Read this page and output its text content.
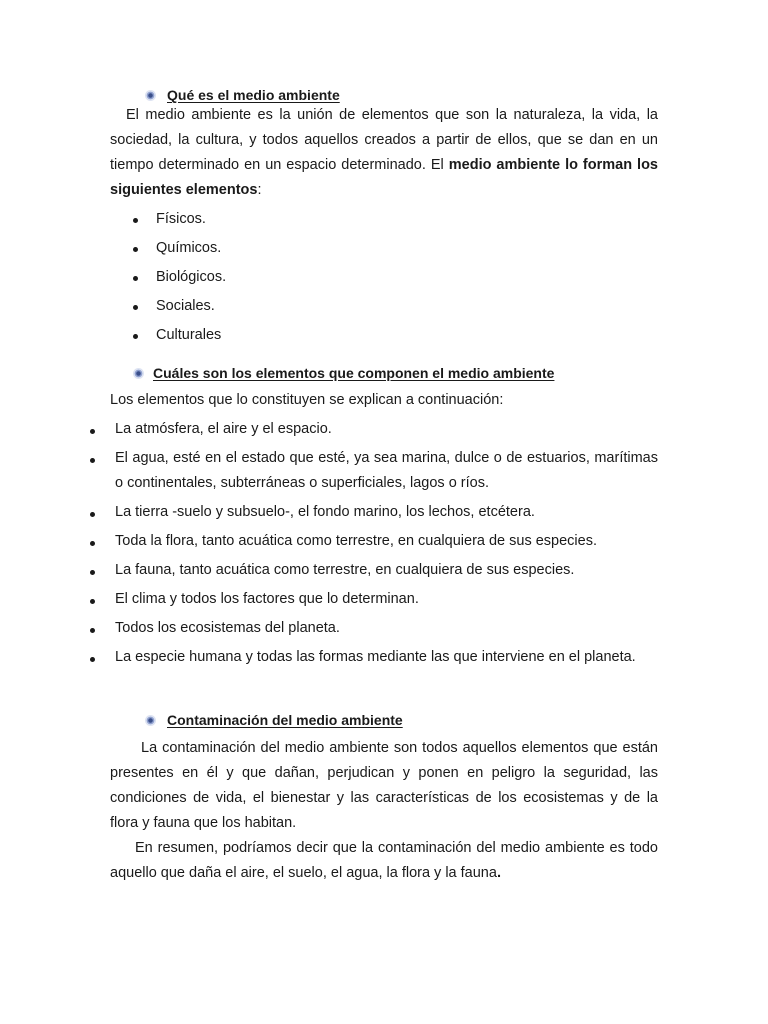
Qué es el medio ambiente
El medio ambiente es la unión de elementos que son la naturaleza, la vida, la sociedad, la cultura, y todos aquellos creados a partir de ellos, que se dan en un tiempo determinado en un espacio determinado. El medio ambiente lo forman los siguientes elementos:
Físicos.
Químicos.
Biológicos.
Sociales.
Culturales
Cuáles son los elementos que componen el medio ambiente
Los elementos que lo constituyen se explican a continuación:
La atmósfera, el aire y el espacio.
El agua, esté en el estado que esté, ya sea marina, dulce o de estuarios, marítimas o continentales, subterráneas o superficiales, lagos o ríos.
La tierra -suelo y subsuelo-, el fondo marino, los lechos, etcétera.
Toda la flora, tanto acuática como terrestre, en cualquiera de sus especies.
La fauna, tanto acuática como terrestre, en cualquiera de sus especies.
El clima y todos los factores que lo determinan.
Todos los ecosistemas del planeta.
La especie humana y todas las formas mediante las que interviene en el planeta.
Contaminación del medio ambiente
La contaminación del medio ambiente son todos aquellos elementos que están presentes en él y que dañan, perjudican y ponen en peligro la seguridad, las condiciones de vida, el bienestar y las características de los ecosistemas y de la flora y fauna que los habitan.
En resumen, podríamos decir que la contaminación del medio ambiente es todo aquello que daña el aire, el suelo, el agua, la flora y la fauna.
